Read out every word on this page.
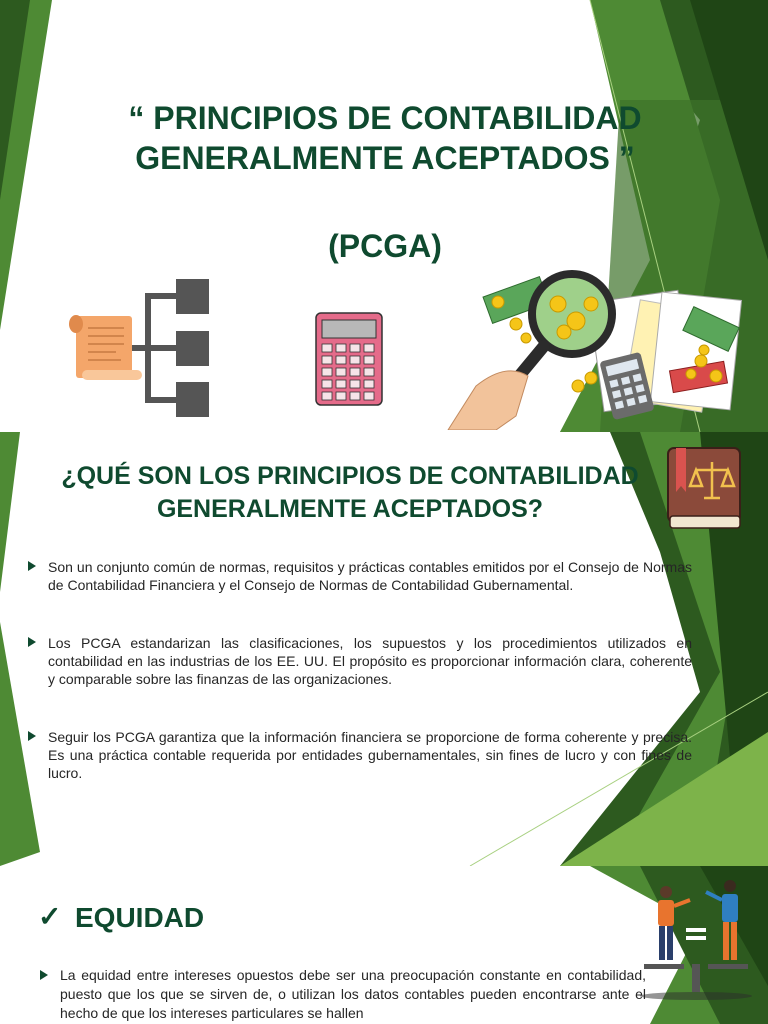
“ PRINCIPIOS DE CONTABILIDAD
GENERALMENTE ACEPTADOS ”
(PCGA)
¿QUÉ SON LOS PRINCIPIOS DE CONTABILIDAD
GENERALMENTE ACEPTADOS?
Son un conjunto común de normas, requisitos y prácticas contables emitidos por el Consejo de Normas de Contabilidad Financiera y el Consejo de Normas de Contabilidad Gubernamental.
Los PCGA estandarizan las clasificaciones, los supuestos y los procedimientos utilizados en contabilidad en las industrias de los EE. UU. El propósito es proporcionar información clara, coherente y comparable sobre las finanzas de las organizaciones.
Seguir los PCGA garantiza que la información financiera se proporcione de forma coherente y precisa. Es una práctica contable requerida por entidades gubernamentales, sin fines de lucro y con fines de lucro.
✓ EQUIDAD

La equidad entre intereses opuestos debe ser una preocupación constante en contabilidad, puesto que los que se sirven de, o utilizan los datos contables pueden encontrarse ante el hecho de que los intereses particulares se hallen
